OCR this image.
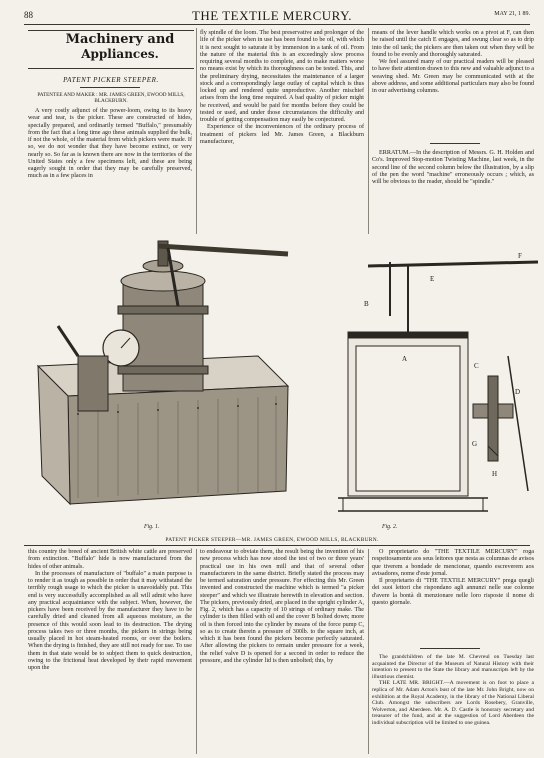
88	THE TEXTILE MERCURY.	MAY 21, 1 89.
Machinery and
Appliances.
PATENT PICKER STEEPER.
PATENTEE AND MAKER : MR. JAMES GREEN, EWOOD MILLS, BLACKBURN.

A very costly adjunct of the power-loom, owing to its heavy wear and tear, is the picker. These are constructed of hides, specially prepared, and ordinarily termed "Buffalo," presumably from the fact that a long time ago these animals supplied the bulk, if not the whole, of the material from which pickers were made. If so, we do not wonder that they have become extinct, or very nearly so. So far as is known there are now in the territories of the United States only a few specimens left, and these are being eagerly sought in order that they may be carefully preserved, much as in a few places in

fly spindle of the loom. The best preservative and prolonger of the life of the picker when in use has been found to be oil, with which it is next sought to saturate it by immersion in a tank of oil. From the nature of the material this is an exceedingly slow process requiring several months to complete, and to make matters worse no means exist by which its thoroughness can be tested. This, and the preliminary drying, necessitates the maintenance of a larger stock and a correspondingly large outlay of capital which is thus locked up and rendered quite unproductive. Another mischief arises from the long time required. A bad quality of picker might be received, and would be paid for months before they could be tested or used, and under those circumstances the difficulty and trouble of getting compensation may easily be conjectured.

Experience of the inconveniences of the ordinary process of treatment of pickers led Mr. James Green, a Blackburn manufacturer,

means of the lever handle which works on a pivot at F, can then be raised until the catch E engages, and swung clear so as to drip into the oil tank; the pickers are then taken out when they will be found to be evenly and thoroughly saturated.

We feel assured many of our practical readers will be pleased to have their attention drawn to this new and valuable adjunct to a weaving shed. Mr. Green may be communicated with at the above address, and some additional particulars may also be found in our advertising columns.

ERRATUM.—In the description of Messrs. G. H. Holden and Co's. Improved Stop-motion Twisting Machine, last week, in the second line of the second column below the illustration, by a slip of the pen the word "machine" erroneously occurs ; which, as will be obvious to the reader, should be "spindle."

B
A
C
D
G
H
E
F
Fig. 1.	Fig. 2.
PATENT PICKER STEEPER—MR. JAMES GREEN, EWOOD MILLS, BLACKBURN.

this country the breed of ancient British white cattle are preserved from extinction. "Buffalo" hide is now manufactured from the hides of other animals.

In the processes of manufacture of "buffalo" a main purpose is to render it as tough as possible in order that it may withstand the terribly rough usage to which the picker is unavoidably put. This end is very successfully accomplished as all will admit who have any practical acquaintance with the subject. When, however, the pickers have been received by the manufacturer they have to be carefully dried and cleaned from all aqueous moisture, as the presence of this would soon lead to its destruction. The drying process takes two or three months, the pickers in strings being usually placed in hot steam-heated rooms, or over the boilers. When the drying is finished, they are still not ready for use. To use them in that state would be to subject them to quick destruction, owing to the frictional heat developed by their rapid movement upon the

to endeavour to obviate them, the result being the invention of his new process which has now stood the test of two or three years' practical use in his own mill and that of several other manufacturers in the same district. Briefly stated the process may be termed saturation under pressure. For effecting this Mr. Green invented and constructed the machine which is termed "a picker steeper" and which we illustrate herewith in elevation and section. The pickers, previously dried, are placed in the upright cylinder A, Fig. 2, which has a capacity of 10 strings of ordinary make. The cylinder is then filled with oil and the cover B bolted down; more oil is then forced into the cylinder by means of the force pump C, so as to create therein a pressure of 300lb. to the square inch, at which it has been found the pickers become perfectly saturated. After allowing the pickers to remain under pressure for a week, the relief valve D is opened for a second in order to reduce the pressure, and the cylinder lid is then unbolted; this, by

O proprietario do "THE TEXTILE MERCURY" roga respeitosamente aos seus leitores que nesta as columnas de avisos que tiverem a bondade de mencionar, quando escreverem aos avisadores, nome d'este jornal.

Il proprietario di "THE TEXTILE MERCURY" prega quegli dei suoi lettori che rispondano agli annunzi nelle sue colonne d'avere la bontà di menzionare nelle loro risposte il nome di questo giornale.

The grandchildren of the late M. Chevreul on Tuesday last acquainted the Director of the Museum of Natural History with their intention to present to the State the library and manuscripts left by the illustrious chemist.

THE LATE MR. BRIGHT.—A movement is on foot to place a replica of Mr. Adam Acton's bust of the late Mr. John Bright, now on exhibition at the Royal Academy, in the library of the National Liberal Club. Amongst the subscribers are Lords Rosebery, Granville, Wolverton, and Aberdeen. Mr. A. D. Castle is honorary secretary and treasurer of the fund, and at the suggestion of Lord Aberdeen the individual subscription will be limited to one guinea.
